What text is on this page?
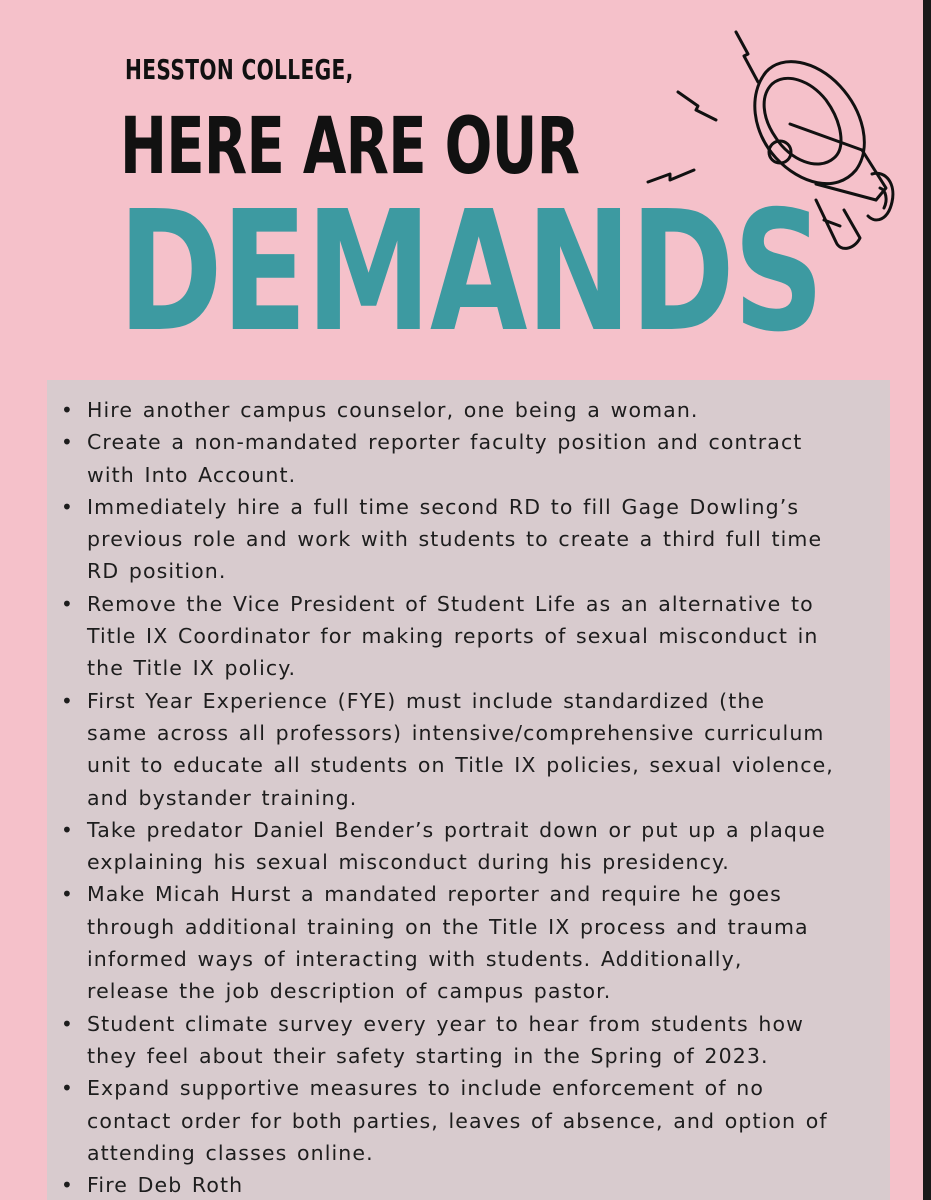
HESSTON COLLEGE,
HERE ARE OUR
DEMANDS
• Hire another campus counselor, one being a woman.
• Create a non-mandated reporter faculty position and contract
with Into Account.
• Immediately hire a full time second RD to fill Gage Dowling’s
previous role and work with students to create a third full time
RD position.
• Remove the Vice President of Student Life as an alternative to
Title IX Coordinator for making reports of sexual misconduct in
the Title IX policy.
• First Year Experience (FYE) must include standardized (the
same across all professors) intensive/comprehensive curriculum
unit to educate all students on Title IX policies, sexual violence,
and bystander training.
• Take predator Daniel Bender’s portrait down or put up a plaque
explaining his sexual misconduct during his presidency.
• Make Micah Hurst a mandated reporter and require he goes
through additional training on the Title IX process and trauma
informed ways of interacting with students. Additionally,
release the job description of campus pastor.
• Student climate survey every year to hear from students how
they feel about their safety starting in the Spring of 2023.
• Expand supportive measures to include enforcement of no
contact order for both parties, leaves of absence, and option of
attending classes online.
• Fire Deb Roth
